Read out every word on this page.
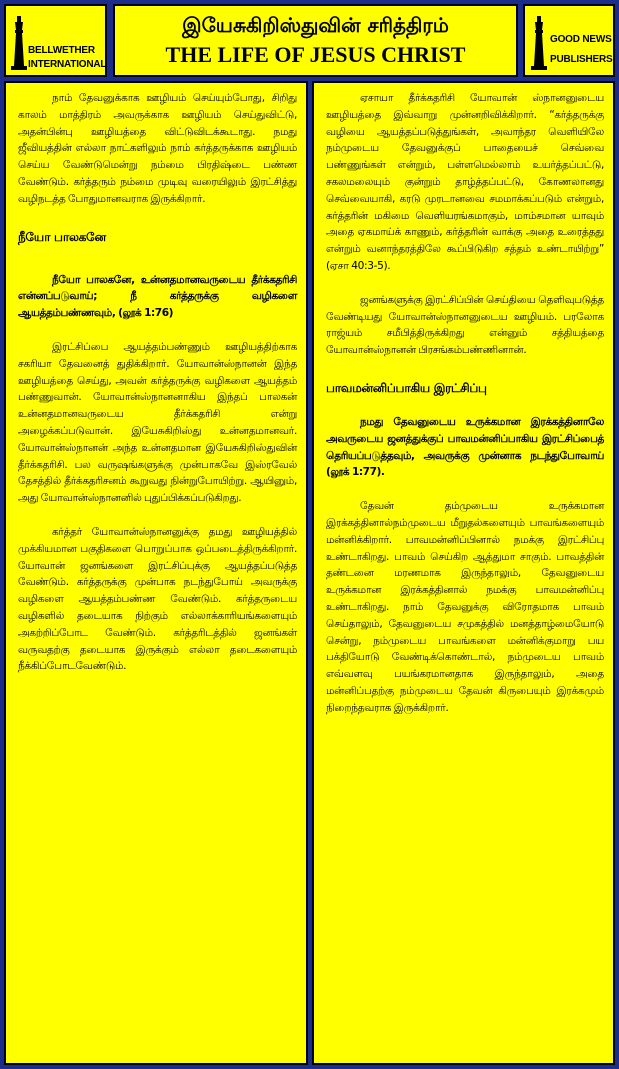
BELLWETHER
INTERNATIONAL
இயேசுகிறிஸ்துவின் சரித்திரம்
THE LIFE OF JESUS CHRIST
GOOD NEWS
PUBLISHERS

நாம் தேவனுக்காக ஊழியம் செய்யும்போது, சிறிது காலம் மாத்திரம் அவருக்காக ஊழியம் செய்துவிட்டு, அதன்பின்பு ஊழியத்தை விட்டுவிடக்கூடாது. நமது ஜீவியத்தின் எல்லா நாட்களிலும் நாம் கர்த்தருக்காக ஊழியம் செய்ய வேண்டுமென்று நம்மை பிரதிஷ்டை பண்ண வேண்டும். கர்த்தரும் நம்மை முடிவு வரையிலும் இரட்சித்து வழிநடத்த போதுமானவராக இருக்கிறார்.

நீயோ பாலகனே

நீயோ பாலகனே, உன்னதமானவருடைய தீர்க்கதரிசி என்னப்படுவாய்; நீ கர்த்தருக்கு வழிகளை ஆயத்தம்பண்ணவும், (லூக் 1:76)

இரட்சிப்பை ஆயத்தம்பண்ணும் ஊழியத்திற்காக சகரியா தேவனைத் துதிக்கிறார். யோவான்ஸ்நானன் இந்த ஊழியத்தை செய்து, அவன் கர்த்தருக்கு வழிகளை ஆயத்தம் பண்ணுவான். யோவான்ஸ்நானனாகிய இந்தப் பாலகன் உன்னதமானவருடைய தீர்க்கதரிசி என்று அழைக்கப்படுவான். இயேசுகிறிஸ்து உன்னதமானவர். யோவான்ஸ்நானன் அந்த உன்னதமான இயேசுகிறிஸ்துவின் தீர்க்கதரிசி. பல வருஷங்களுக்கு முன்பாகவே இஸ்ரவேல் தேசத்தில் தீர்க்கதரிசனம் கூறுவது நின்றுபோயிற்று. ஆயினும், அது யோவான்ஸ்நானனில் புதுப்பிக்கப்படுகிறது.

கர்த்தர் யோவான்ஸ்நானனுக்கு தமது ஊழியத்தில் முக்கியமான பகுதிகளை பொறுப்பாக ஒப்படைத்திருக்கிறார். யோவான் ஜனங்களை இரட்சிப்புக்கு ஆயத்தப்படுத்த வேண்டும். கர்த்தருக்கு முன்பாக நடந்துபோய் அவருக்கு வழிகளை ஆயத்தம்பண்ண வேண்டும். கர்த்தருடைய வழிகளில் தடையாக நிற்கும் எல்லாக்காரியங்களையும் அகற்றிப்போட வேண்டும். கர்த்தரிடத்தில் ஜனங்கள் வருவதற்கு தடையாக இருக்கும் எல்லா தடைகளையும் நீக்கிப்போடவேண்டும்.

ஏசாயா தீர்க்கதரிசி யோவான் ஸ்நானனுடைய ஊழியத்தை இவ்வாறு முன்னறிவிக்கிறார். “கர்த்தருக்கு வழியை ஆயத்தப்படுத்துங்கள், அவாந்தர வெளியிலே நம்முடைய தேவனுக்குப் பாதையைச் செவ்வை பண்ணுங்கள் என்றும், பள்ளமெல்லாம் உயர்த்தப்பட்டு, சகலமலையும் குன்றும் தாழ்த்தப்பட்டு, கோணலானது செவ்வையாகி, கரடு முரடானவை சமமாக்கப்படும் என்றும், கர்த்தரின் மகிமை வெளியரங்கமாகும், மாம்சமான யாவும் அதை ஏகமாய்க் காணும், கர்த்தரின் வாக்கு அதை உரைத்தது என்றும் வனாந்தரத்திலே கூப்பிடுகிற சத்தம் உண்டாயிற்று” (ஏசா 40:3-5).

ஜனங்களுக்கு இரட்சிப்பின் செய்தியை தெளிவுபடுத்த வேண்டியது யோவான்ஸ்நானனுடைய ஊழியம். பரலோக ராஜ்யம் சமீபித்திருக்கிறது என்னும் சத்தியத்தை யோவான்ஸ்நானன் பிரசங்கம்பண்ணினான்.

பாவமன்னிப்பாகிய இரட்சிப்பு

நமது தேவனுடைய உருக்கமான இரக்கத்தினாலே அவருடைய ஜனத்துக்குப் பாவமன்னிப்பாகிய இரட்சிப்பைத் தெரியப்படுத்தவும், அவருக்கு முன்னாக நடந்துபோவாய் (லூக் 1:77).

தேவன் தம்முடைய உருக்கமான இரக்கத்தினால்நம்முடைய மீறுதல்களையும் பாவங்களையும் மன்னிக்கிறார். பாவமன்னிப்பினால் நமக்கு இரட்சிப்பு உண்டாகிறது. பாவம் செய்கிற ஆத்துமா சாகும். பாவத்தின் தண்டனை மரணமாக இருந்தாலும், தேவனுடைய உருக்கமான இரக்கத்தினால் நமக்கு பாவமன்னிப்பு உண்டாகிறது. நாம் தேவனுக்கு விரோதமாக பாவம் செய்தாலும், தேவனுடைய சமுகத்தில் மனத்தாழ்மையோடு சென்று, நம்முடைய பாவங்களை மன்னிக்குமாறு பய பக்தியோடு வேண்டிக்கொண்டால், நம்முடைய பாவம் எவ்வளவு பயங்கரமானதாக இருந்தாலும், அதை மன்னிப்பதற்கு நம்முடைய தேவன் கிருபையும் இரக்கமும் நிறைந்தவராக இருக்கிறார்.
